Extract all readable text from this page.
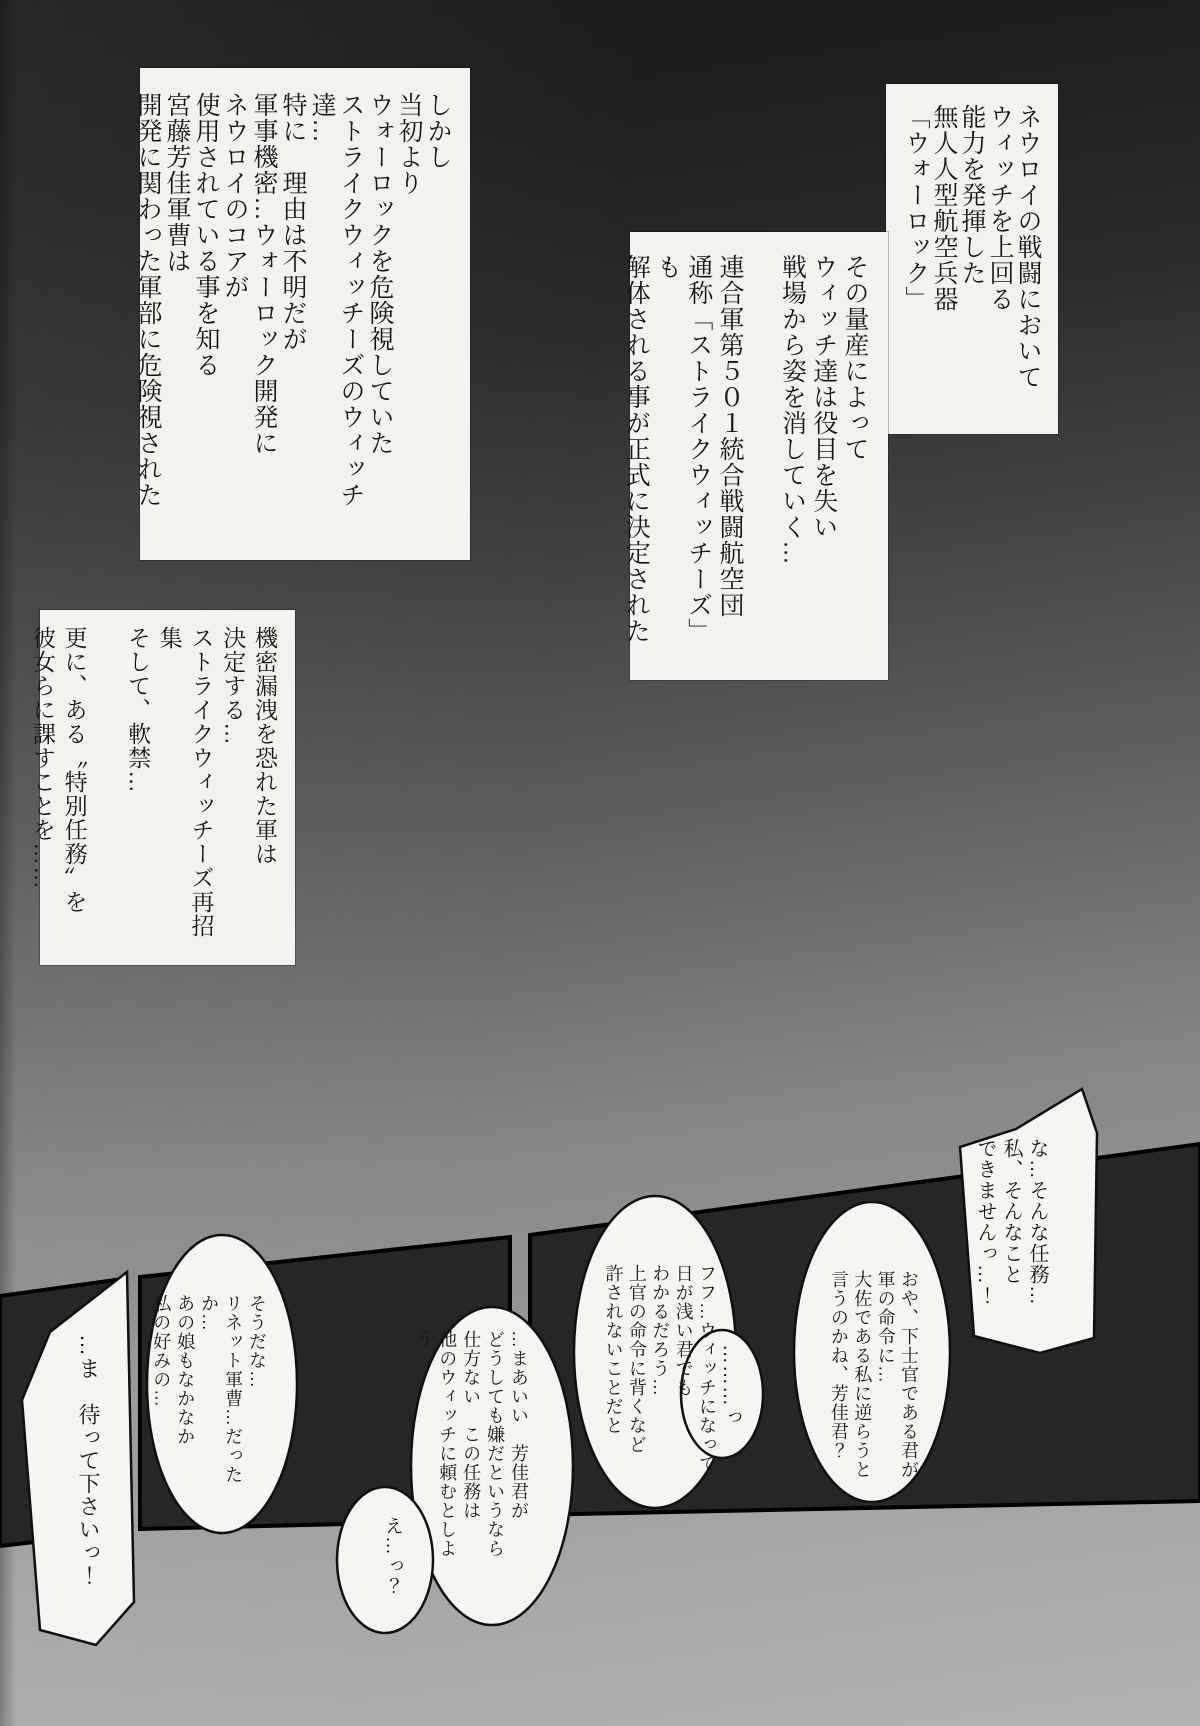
ネウロイの戦闘において
ウィッチを上回る
能力を発揮した
無人人型航空兵器
「ウォーロック」
その量産によって
ウィッチ達は役目を失い
戦場から姿を消していく…

連合軍第５０１統合戦闘航空団
通称「ストライクウィッチーズ」も
解体される事が正式に決定された
しかし
当初より
ウォーロックを危険視していた
ストライクウィッチーズのウィッチ達…
特に　理由は不明だが
軍事機密…ウォーロック開発に
ネウロイのコアが
使用されている事を知る
宮藤芳佳軍曹は
開発に関わった軍部に危険視された
機密漏洩を恐れた軍は
決定する…
ストライクウィッチーズ再招集
そして、軟禁…

更に、ある〝特別任務〟を
彼女らに課すことを……
な…そんな任務…
私、そんなこと
できませんっ…！
おや、下士官である君が
軍の命令に…
大佐である私に逆らうと
言うのかね、芳佳君？
フフ…ウィッチになって
日が浅い君でも
わかるだろう…
上官の命令に背くなど
許されないことだと	………っ
…まあいい　芳佳君が
どうしても嫌だというなら
仕方ない　この任務は
他のウィッチに頼むとしよう
え…っ？
そうだな…
リネット軍曹…だったか…
あの娘もなかなか
私の好みの…
…ま　待って下さいっ！
